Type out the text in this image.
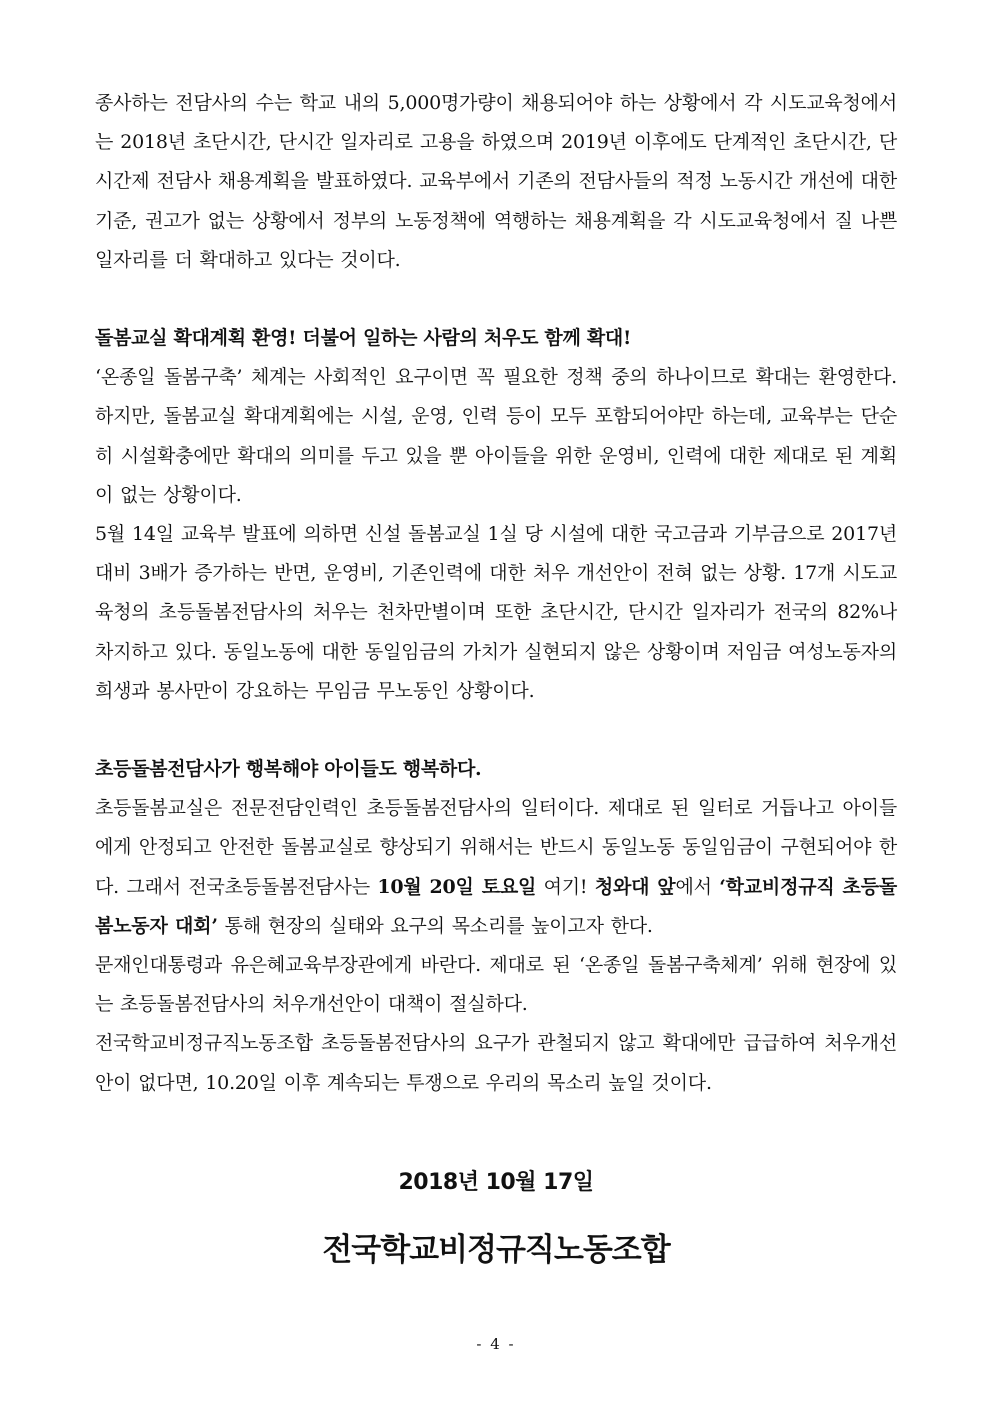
종사하는 전담사의 수는 학교 내의 5,000명가량이 채용되어야 하는 상황에서 각 시도교육청에서는 2018년 초단시간, 단시간 일자리로 고용을 하였으며 2019년 이후에도 단계적인 초단시간, 단시간제 전담사 채용계획을 발표하였다. 교육부에서 기존의 전담사들의 적정 노동시간 개선에 대한 기준, 권고가 없는 상황에서 정부의 노동정책에 역행하는 채용계획을 각 시도교육청에서 질 나쁜 일자리를 더 확대하고 있다는 것이다.

돌봄교실 확대계획 환영! 더불어 일하는 사람의 처우도 함께 확대!

‘온종일 돌봄구축’ 체계는 사회적인 요구이면 꼭 필요한 정책 중의 하나이므로 확대는 환영한다. 하지만, 돌봄교실 확대계획에는 시설, 운영, 인력 등이 모두 포함되어야만 하는데, 교육부는 단순히 시설확충에만 확대의 의미를 두고 있을 뿐 아이들을 위한 운영비, 인력에 대한 제대로 된 계획이 없는 상황이다.

5월 14일 교육부 발표에 의하면 신설 돌봄교실 1실 당 시설에 대한 국고금과 기부금으로 2017년 대비 3배가 증가하는 반면, 운영비, 기존인력에 대한 처우 개선안이 전혀 없는 상황. 17개 시도교육청의 초등돌봄전담사의 처우는 천차만별이며 또한 초단시간, 단시간 일자리가 전국의 82%나 차지하고 있다. 동일노동에 대한 동일임금의 가치가 실현되지 않은 상황이며 저임금 여성노동자의 희생과 봉사만이 강요하는 무임금 무노동인 상황이다.

초등돌봄전담사가 행복해야 아이들도 행복하다.

초등돌봄교실은 전문전담인력인 초등돌봄전담사의 일터이다. 제대로 된 일터로 거듭나고 아이들에게 안정되고 안전한 돌봄교실로 향상되기 위해서는 반드시 동일노동 동일임금이 구현되어야 한다. 그래서 전국초등돌봄전담사는 10월 20일 토요일 여기! 청와대 앞에서 ‘학교비정규직 초등돌봄노동자 대회’ 통해 현장의 실태와 요구의 목소리를 높이고자 한다.

문재인대통령과 유은혜교육부장관에게 바란다. 제대로 된 ‘온종일 돌봄구축체계’ 위해 현장에 있는 초등돌봄전담사의 처우개선안이 대책이 절실하다.

전국학교비정규직노동조합 초등돌봄전담사의 요구가 관철되지 않고 확대에만 급급하여 처우개선안이 없다면, 10.20일 이후 계속되는 투쟁으로 우리의 목소리 높일 것이다.

2018년 10월 17일
전국학교비정규직노동조합
- 4 -
